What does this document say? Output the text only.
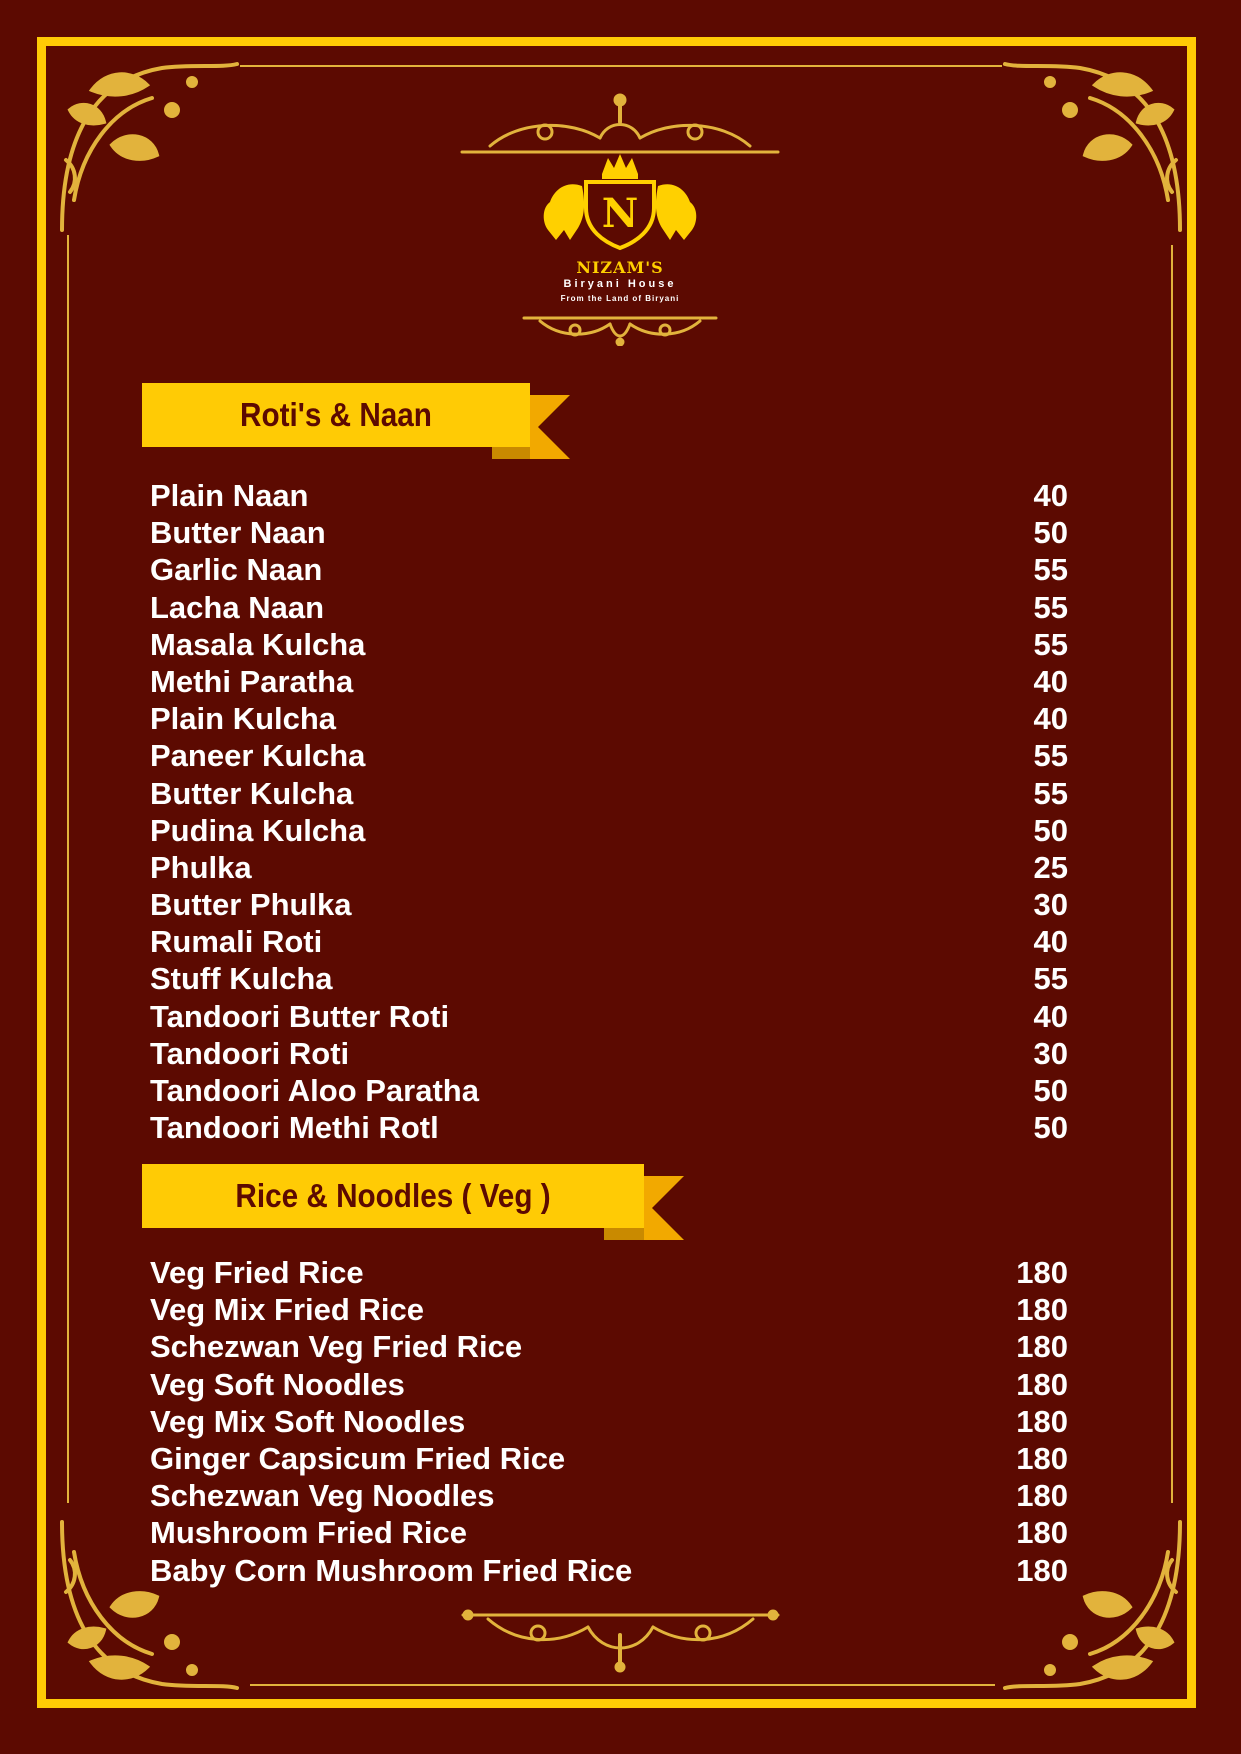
N
NIZAM'S
Biryani House
From the Land of Biryani
Roti's & Naan
Plain Naan	40
Butter Naan	50
Garlic Naan	55
Lacha Naan	55
Masala Kulcha	55
Methi Paratha	40
Plain Kulcha	40
Paneer Kulcha	55
Butter Kulcha	55
Pudina Kulcha	50
Phulka	25
Butter Phulka	30
Rumali Roti	40
Stuff Kulcha	55
Tandoori Butter Roti	40
Tandoori Roti	30
Tandoori Aloo Paratha	50
Tandoori Methi Rotl	50
Rice & Noodles ( Veg )
Veg Fried Rice	180
Veg Mix Fried Rice	180
Schezwan Veg Fried Rice	180
Veg Soft Noodles	180
Veg Mix Soft Noodles	180
Ginger Capsicum Fried Rice	180
Schezwan Veg Noodles	180
Mushroom Fried Rice	180
Baby Corn Mushroom Fried Rice	180
